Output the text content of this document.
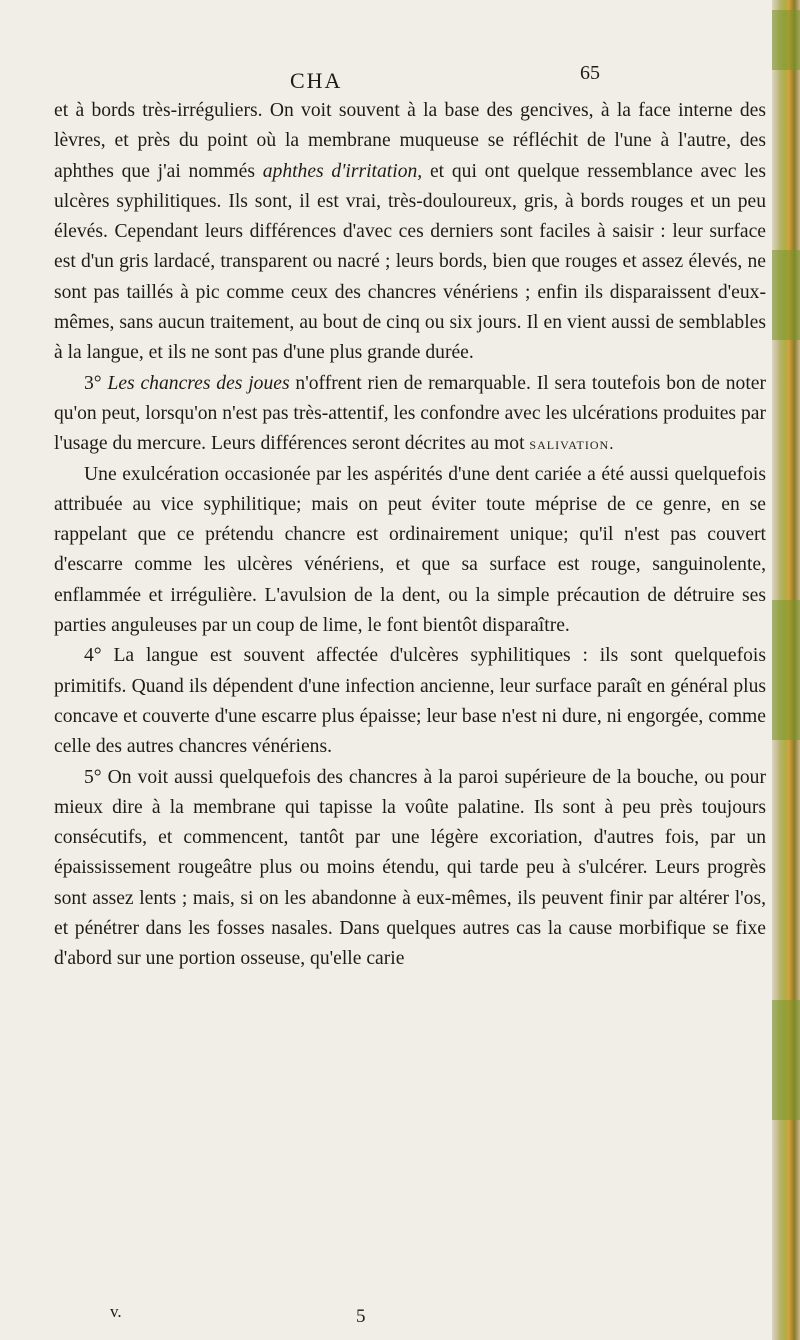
CHA	65

et à bords très-irréguliers. On voit souvent à la base des gencives, à la face interne des lèvres, et près du point où la membrane muqueuse se réfléchit de l'une à l'autre, des aphthes que j'ai nommés aphthes d'irritation, et qui ont quelque ressemblance avec les ulcères syphilitiques. Ils sont, il est vrai, très-douloureux, gris, à bords rouges et un peu élevés. Cependant leurs différences d'avec ces derniers sont faciles à saisir : leur surface est d'un gris lardacé, transparent ou nacré ; leurs bords, bien que rouges et assez élevés, ne sont pas taillés à pic comme ceux des chancres vénériens ; enfin ils disparaissent d'eux-mêmes, sans aucun traitement, au bout de cinq ou six jours. Il en vient aussi de semblables à la langue, et ils ne sont pas d'une plus grande durée.

3° Les chancres des joues n'offrent rien de remarquable. Il sera toutefois bon de noter qu'on peut, lorsqu'on n'est pas très-attentif, les confondre avec les ulcérations produites par l'usage du mercure. Leurs différences seront décrites au mot salivation.

Une exulcération occasionée par les aspérités d'une dent cariée a été aussi quelquefois attribuée au vice syphilitique; mais on peut éviter toute méprise de ce genre, en se rappelant que ce prétendu chancre est ordinairement unique; qu'il n'est pas couvert d'escarre comme les ulcères vénériens, et que sa surface est rouge, sanguinolente, enflammée et irrégulière. L'avulsion de la dent, ou la simple précaution de détruire ses parties anguleuses par un coup de lime, le font bientôt disparaître.

4° La langue est souvent affectée d'ulcères syphilitiques : ils sont quelquefois primitifs. Quand ils dépendent d'une infection ancienne, leur surface paraît en général plus concave et couverte d'une escarre plus épaisse; leur base n'est ni dure, ni engorgée, comme celle des autres chancres vénériens.

5° On voit aussi quelquefois des chancres à la paroi supérieure de la bouche, ou pour mieux dire à la membrane qui tapisse la voûte palatine. Ils sont à peu près toujours consécutifs, et commencent, tantôt par une légère excoriation, d'autres fois, par un épaississement rougeâtre plus ou moins étendu, qui tarde peu à s'ulcérer. Leurs progrès sont assez lents ; mais, si on les abandonne à eux-mêmes, ils peuvent finir par altérer l'os, et pénétrer dans les fosses nasales. Dans quelques autres cas la cause morbifique se fixe d'abord sur une portion osseuse, qu'elle carie

v.	5
